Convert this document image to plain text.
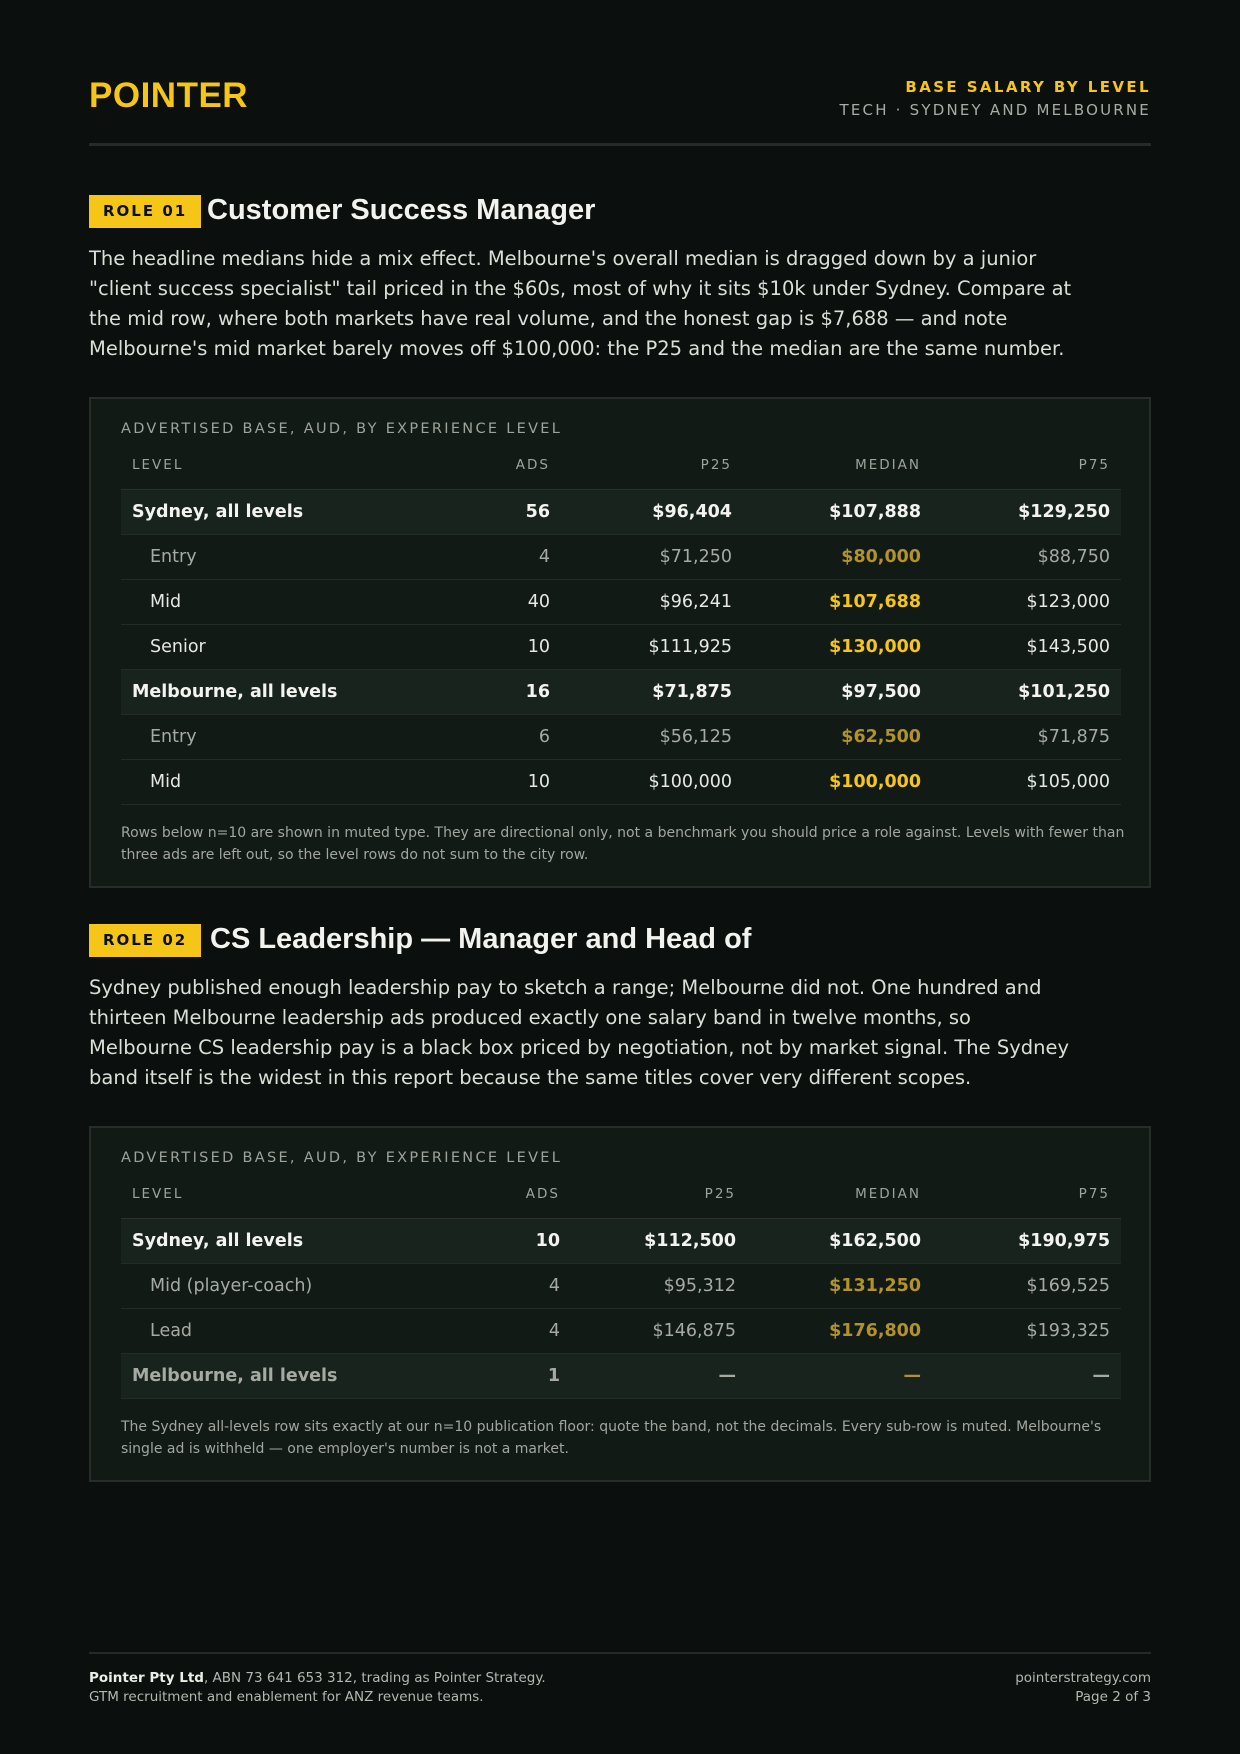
POINTER	BASE SALARY BY LEVEL
TECH · SYDNEY AND MELBOURNE
ROLE 01 Customer Success Manager

The headline medians hide a mix effect. Melbourne's overall median is dragged down by a junior "client success specialist" tail priced in the $60s, most of why it sits $10k under Sydney. Compare at the mid row, where both markets have real volume, and the honest gap is $7,688 — and note Melbourne's mid market barely moves off $100,000: the P25 and the median are the same number.

ADVERTISED BASE, AUD, BY EXPERIENCE LEVEL
LEVEL	ADS	P25	MEDIAN	P75
Sydney, all levels	56	$96,404	$107,888	$129,250
Entry	4	$71,250	$80,000	$88,750
Mid	40	$96,241	$107,688	$123,000
Senior	10	$111,925	$130,000	$143,500
Melbourne, all levels	16	$71,875	$97,500	$101,250
Entry	6	$56,125	$62,500	$71,875
Mid	10	$100,000	$100,000	$105,000

Rows below n=10 are shown in muted type. They are directional only, not a benchmark you should price a role against. Levels with fewer than three ads are left out, so the level rows do not sum to the city row.

ROLE 02 CS Leadership — Manager and Head of

Sydney published enough leadership pay to sketch a range; Melbourne did not. One hundred and thirteen Melbourne leadership ads produced exactly one salary band in twelve months, so Melbourne CS leadership pay is a black box priced by negotiation, not by market signal. The Sydney band itself is the widest in this report because the same titles cover very different scopes.

ADVERTISED BASE, AUD, BY EXPERIENCE LEVEL
LEVEL	ADS	P25	MEDIAN	P75
Sydney, all levels	10	$112,500	$162,500	$190,975
Mid (player-coach)	4	$95,312	$131,250	$169,525
Lead	4	$146,875	$176,800	$193,325
Melbourne, all levels	1	—	—	—

The Sydney all-levels row sits exactly at our n=10 publication floor: quote the band, not the decimals. Every sub-row is muted. Melbourne's single ad is withheld — one employer's number is not a market.

Pointer Pty Ltd, ABN 73 641 653 312, trading as Pointer Strategy.
GTM recruitment and enablement for ANZ revenue teams.
pointerstrategy.com
Page 2 of 3
